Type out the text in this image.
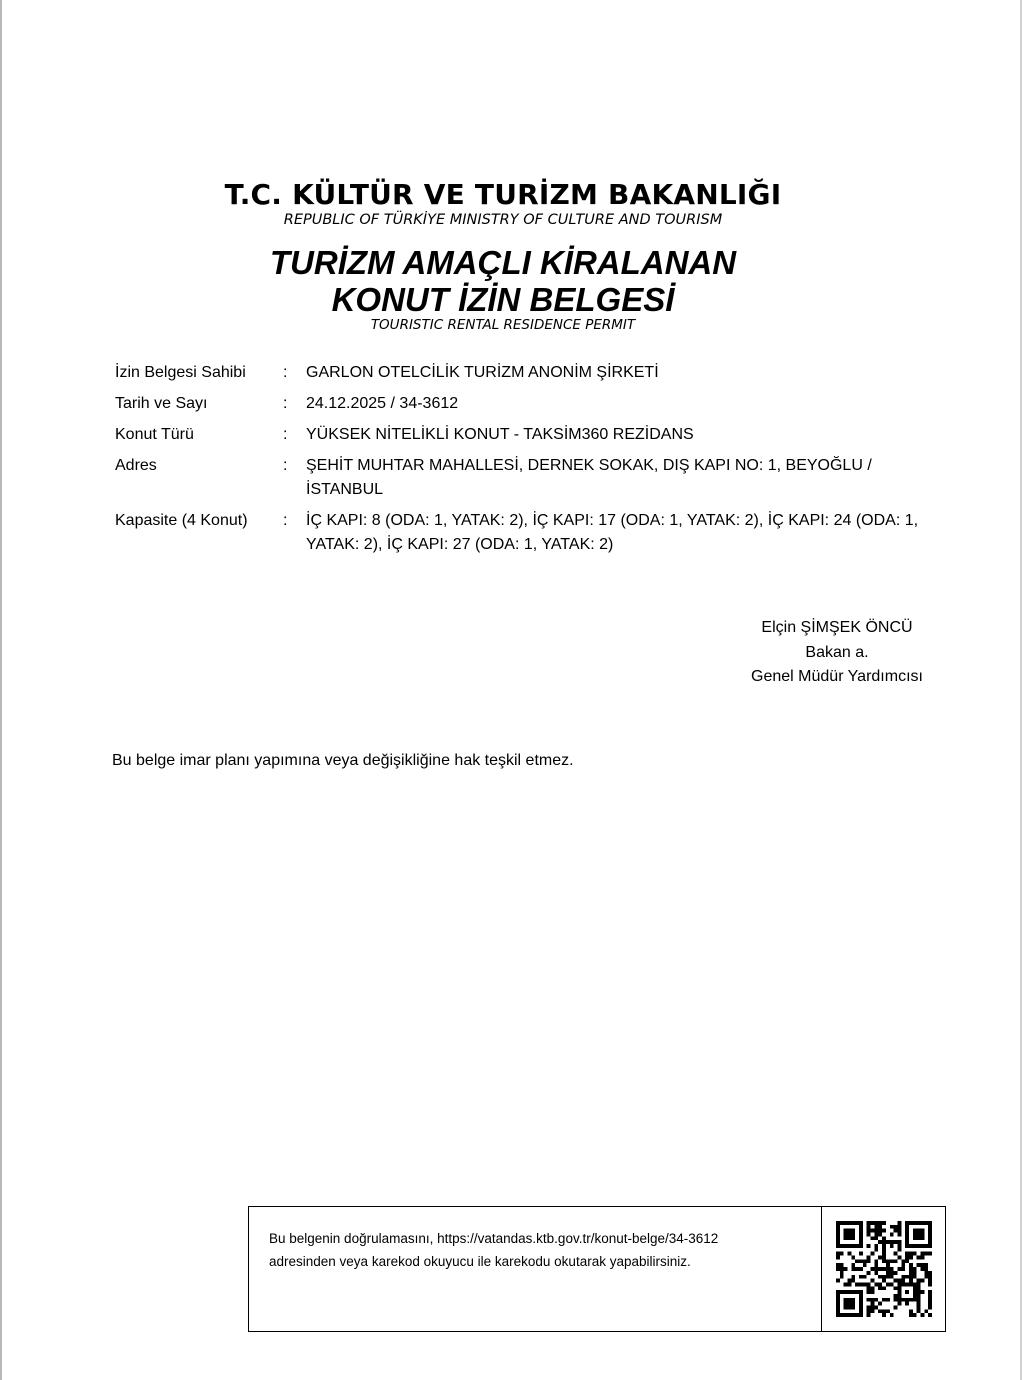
T.C. KÜLTÜR VE TURİZM BAKANLIĞI
REPUBLIC OF TÜRKİYE MINISTRY OF CULTURE AND TOURISM
TURİZM AMAÇLI KİRALANAN
KONUT İZİN BELGESİ
TOURISTIC RENTAL RESIDENCE PERMIT
İzin Belgesi Sahibi	: GARLON OTELCİLİK TURİZM ANONİM ŞİRKETİ
Tarih ve Sayı	: 24.12.2025 / 34-3612
Konut Türü	: YÜKSEK NİTELİKLİ KONUT - TAKSİM360 REZİDANS
Adres	: ŞEHİT MUHTAR MAHALLESİ, DERNEK SOKAK, DIŞ KAPI NO: 1, BEYOĞLU / İSTANBUL
Kapasite (4 Konut)	: İÇ KAPI: 8 (ODA: 1, YATAK: 2), İÇ KAPI: 17 (ODA: 1, YATAK: 2), İÇ KAPI: 24 (ODA: 1, YATAK: 2), İÇ KAPI: 27 (ODA: 1, YATAK: 2)
Elçin ŞİMŞEK ÖNCÜ
Bakan a.
Genel Müdür Yardımcısı
Bu belge imar planı yapımına veya değişikliğine hak teşkil etmez.
Bu belgenin doğrulamasını, https://vatandas.ktb.gov.tr/konut-belge/34-3612
adresinden veya karekod okuyucu ile karekodu okutarak yapabilirsiniz.
